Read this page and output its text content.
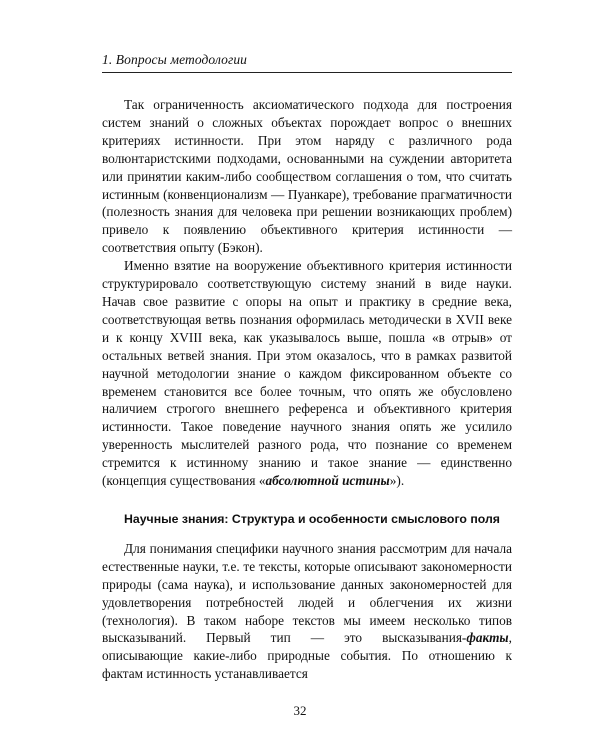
1. Вопросы методологии

Так ограниченность аксиоматического подхода для построения систем знаний о сложных объектах порождает вопрос о внешних критериях истинности. При этом наряду с различного рода волюнтаристскими подходами, основанными на суждении авторитета или принятии каким-либо сообществом соглашения о том, что считать истинным (конвенционализм — Пуанкаре), требование прагматичности (полезность знания для человека при решении возникающих проблем) привело к появлению объективного критерия истинности — соответствия опыту (Бэкон).

Именно взятие на вооружение объективного критерия истинности структурировало соответствующую систему знаний в виде науки. Начав свое развитие с опоры на опыт и практику в средние века, соответствующая ветвь познания оформилась методически в XVII веке и к концу XVIII века, как указывалось выше, пошла «в отрыв» от остальных ветвей знания. При этом оказалось, что в рамках развитой научной методологии знание о каждом фиксированном объекте со временем становится все более точным, что опять же обусловлено наличием строгого внешнего референса и объективного критерия истинности. Такое поведение научного знания опять же усилило уверенность мыслителей разного рода, что познание со временем стремится к истинному знанию и такое знание — единственно (концепция существования «абсолютной истины»).

Научные знания: Структура и особенности смыслового поля

Для понимания специфики научного знания рассмотрим для начала естественные науки, т.е. те тексты, которые описывают закономерности природы (сама наука), и использование данных закономерностей для удовлетворения потребностей людей и облегчения их жизни (технология). В таком наборе текстов мы имеем несколько типов высказываний. Первый тип — это высказывания-факты, описывающие какие-либо природные события. По отношению к фактам истинность устанавливается

32
